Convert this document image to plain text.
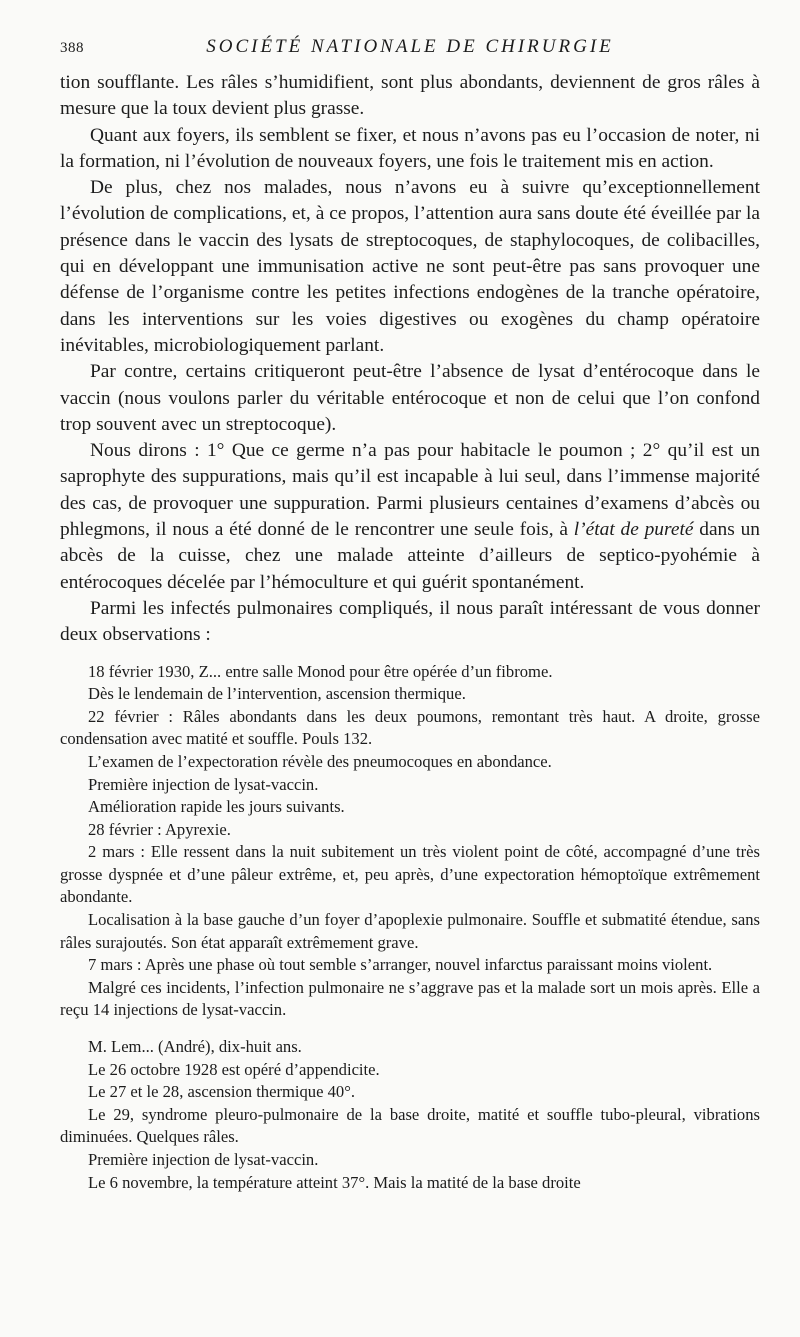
388	SOCIÉTÉ NATIONALE DE CHIRURGIE

tion soufflante. Les râles s’humidifient, sont plus abondants, deviennent de gros râles à mesure que la toux devient plus grasse.

Quant aux foyers, ils semblent se fixer, et nous n’avons pas eu l’occasion de noter, ni la formation, ni l’évolution de nouveaux foyers, une fois le traitement mis en action.

De plus, chez nos malades, nous n’avons eu à suivre qu’exceptionnellement l’évolution de complications, et, à ce propos, l’attention aura sans doute été éveillée par la présence dans le vaccin des lysats de streptocoques, de staphylocoques, de colibacilles, qui en développant une immunisation active ne sont peut-être pas sans provoquer une défense de l’organisme contre les petites infections endogènes de la tranche opératoire, dans les interventions sur les voies digestives ou exogènes du champ opératoire inévitables, microbiologiquement parlant.

Par contre, certains critiqueront peut-être l’absence de lysat d’entérocoque dans le vaccin (nous voulons parler du véritable entérocoque et non de celui que l’on confond trop souvent avec un streptocoque).

Nous dirons : 1° Que ce germe n’a pas pour habitacle le poumon ; 2° qu’il est un saprophyte des suppurations, mais qu’il est incapable à lui seul, dans l’immense majorité des cas, de provoquer une suppuration. Parmi plusieurs centaines d’examens d’abcès ou phlegmons, il nous a été donné de le rencontrer une seule fois, à l’état de pureté dans un abcès de la cuisse, chez une malade atteinte d’ailleurs de septico-pyohémie à entérocoques décelée par l’hémoculture et qui guérit spontanément.

Parmi les infectés pulmonaires compliqués, il nous paraît intéressant de vous donner deux observations :

18 février 1930, Z... entre salle Monod pour être opérée d’un fibrome.

Dès le lendemain de l’intervention, ascension thermique.

22 février : Râles abondants dans les deux poumons, remontant très haut. A droite, grosse condensation avec matité et souffle. Pouls 132.

L’examen de l’expectoration révèle des pneumocoques en abondance.

Première injection de lysat-vaccin.

Amélioration rapide les jours suivants.

28 février : Apyrexie.

2 mars : Elle ressent dans la nuit subitement un très violent point de côté, accompagné d’une très grosse dyspnée et d’une pâleur extrême, et, peu après, d’une expectoration hémoptoïque extrêmement abondante.

Localisation à la base gauche d’un foyer d’apoplexie pulmonaire. Souffle et submatité étendue, sans râles surajoutés. Son état apparaît extrêmement grave.

7 mars : Après une phase où tout semble s’arranger, nouvel infarctus paraissant moins violent.

Malgré ces incidents, l’infection pulmonaire ne s’aggrave pas et la malade sort un mois après. Elle a reçu 14 injections de lysat-vaccin.

M. Lem... (André), dix-huit ans.

Le 26 octobre 1928 est opéré d’appendicite.

Le 27 et le 28, ascension thermique 40°.

Le 29, syndrome pleuro-pulmonaire de la base droite, matité et souffle tubo-pleural, vibrations diminuées. Quelques râles.

Première injection de lysat-vaccin.

Le 6 novembre, la température atteint 37°. Mais la matité de la base droite
